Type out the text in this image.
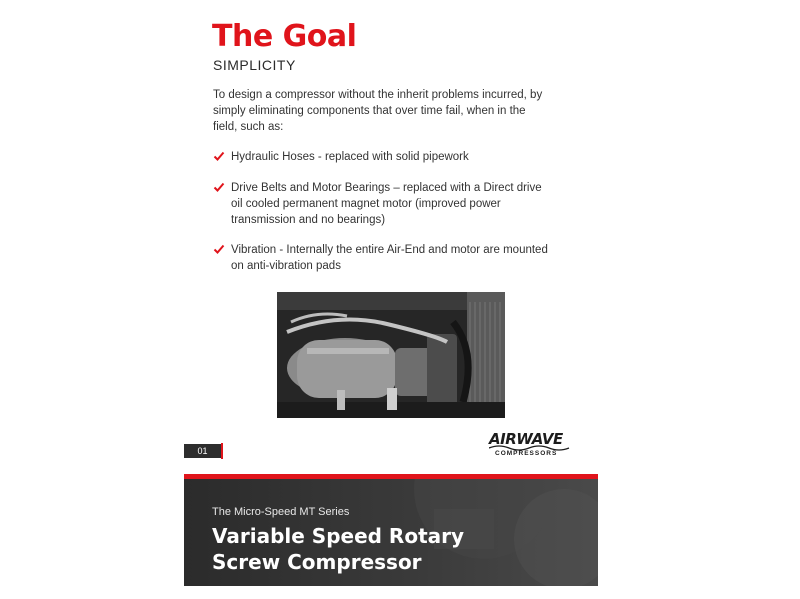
The Goal
SIMPLICITY
To design a compressor without the inherit problems incurred, by simply eliminating components that over time fail, when in the field, such as:
Hydraulic Hoses - replaced with solid pipework
Drive Belts and Motor Bearings – replaced with a Direct drive oil cooled permanent magnet motor (improved power transmission and no bearings)
Vibration - Internally the entire Air-End and motor are mounted on anti-vibration pads
01
AIRWAVE
COMPRESSORS
The Micro-Speed MT Series
Variable Speed Rotary Screw Compressor
